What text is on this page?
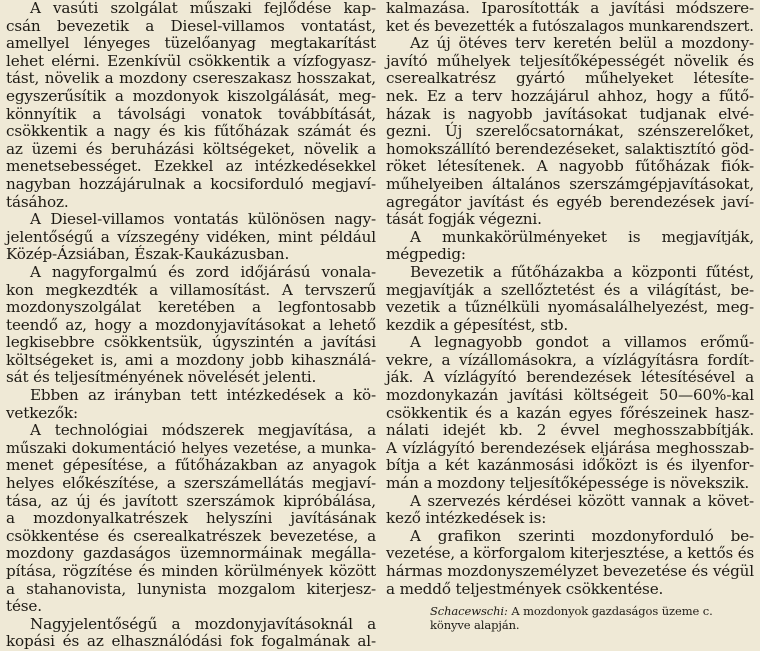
A vasúti szolgálat műszaki fejlődése kap-
csán bevezetik a Diesel-villamos vontatást,
amellyel lényeges tüzelőanyag megtakarítást
lehet elérni. Ezenkívül csökkentik a vízfogyasz-
tást, növelik a mozdony csereszakasz hosszakat,
egyszerűsítik a mozdonyok kiszolgálását, meg-
könnyítik a távolsági vonatok továbbítását,
csökkentik a nagy és kis fűtőházak számát és
az üzemi és beruházási költségeket, növelik a
menetsebességet. Ezekkel az intézkedésekkel
nagyban hozzájárulnak a kocsiforduló megjaví-
tásához.
A Diesel-villamos vontatás különösen nagy-
jelentőségű a vízszegény vidéken, mint például
Közép-Ázsiában, Észak-Kaukázusban.
A nagyforgalmú és zord időjárású vonala-
kon megkezdték a villamosítást. A tervszerű
mozdonyszolgálat keretében a legfontosabb
teendő az, hogy a mozdonyjavításokat a lehető
legkisebbre csökkentsük, úgyszintén a javítási
költségeket is, ami a mozdony jobb kihasználá-
sát és teljesítményének növelését jelenti.
Ebben az irányban tett intézkedések a kö-
vetkezők:
A technológiai módszerek megjavítása, a
műszaki dokumentáció helyes vezetése, a munka-
menet gépesítése, a fűtőházakban az anyagok
helyes előkészítése, a szerszámellátás megjaví-
tása, az új és javított szerszámok kipróbálása,
a mozdonyalkatrészek helyszíni javításának
csökkentése és cserealkatrészek bevezetése, a
mozdony gazdaságos üzemnormáinak megálla-
pítása, rögzítése és minden körülmények között
a stahanovista, lunynista mozgalom kiterjesz-
tése.
Nagyjelentőségű a mozdonyjavításoknál a
kopási és az elhasználódási fok fogalmának al-
kalmazása. Iparosították a javítási módszere-
ket és bevezették a futószalagos munkarendszert.
Az új ötéves terv keretén belül a mozdony-
javító műhelyek teljesítőképességét növelik és
cserealkatrész gyártó műhelyeket létesíte-
nek. Ez a terv hozzájárul ahhoz, hogy a fűtő-
házak is nagyobb javításokat tudjanak elvé-
gezni. Új szerelőcsatornákat, szénszerelőket,
homokszállító berendezéseket, salaktisztító göd-
röket létesítenek. A nagyobb fűtőházak fiók-
műhelyeiben általános szerszámgépjavításokat,
agregátor javítást és egyéb berendezések javí-
tását fogják végezni.
A munkakörülményeket is megjavítják,
mégpedig:
Bevezetik a fűtőházakba a központi fűtést,
megjavítják a szellőztetést és a világítást, be-
vezetik a tűznélküli nyomásalálhelyezést, meg-
kezdik a gépesítést, stb.
A legnagyobb gondot a villamos erőmű-
vekre, a vízállomásokra, a vízlágyításra fordít-
ják. A vízlágyító berendezések létesítésével a
mozdonykazán javítási költségeit 50—60%-kal
csökkentik és a kazán egyes főrészeinek hasz-
nálati idejét kb. 2 évvel meghosszabbítják.
A vízlágyító berendezések eljárása meghosszab-
bítja a két kazánmosási időközt is és ilyenfor-
mán a mozdony teljesítőképessége is növekszik.
A szervezés kérdései között vannak a követ-
kező intézkedések is:
A grafikon szerinti mozdonyforduló be-
vezetése, a körforgalom kiterjesztése, a kettős és
hármas mozdonyszemélyzet bevezetése és végül
a meddő teljestmények csökkentése.
Schacewschi: A mozdonyok gazdaságos üzeme c.
könyve alapján.
